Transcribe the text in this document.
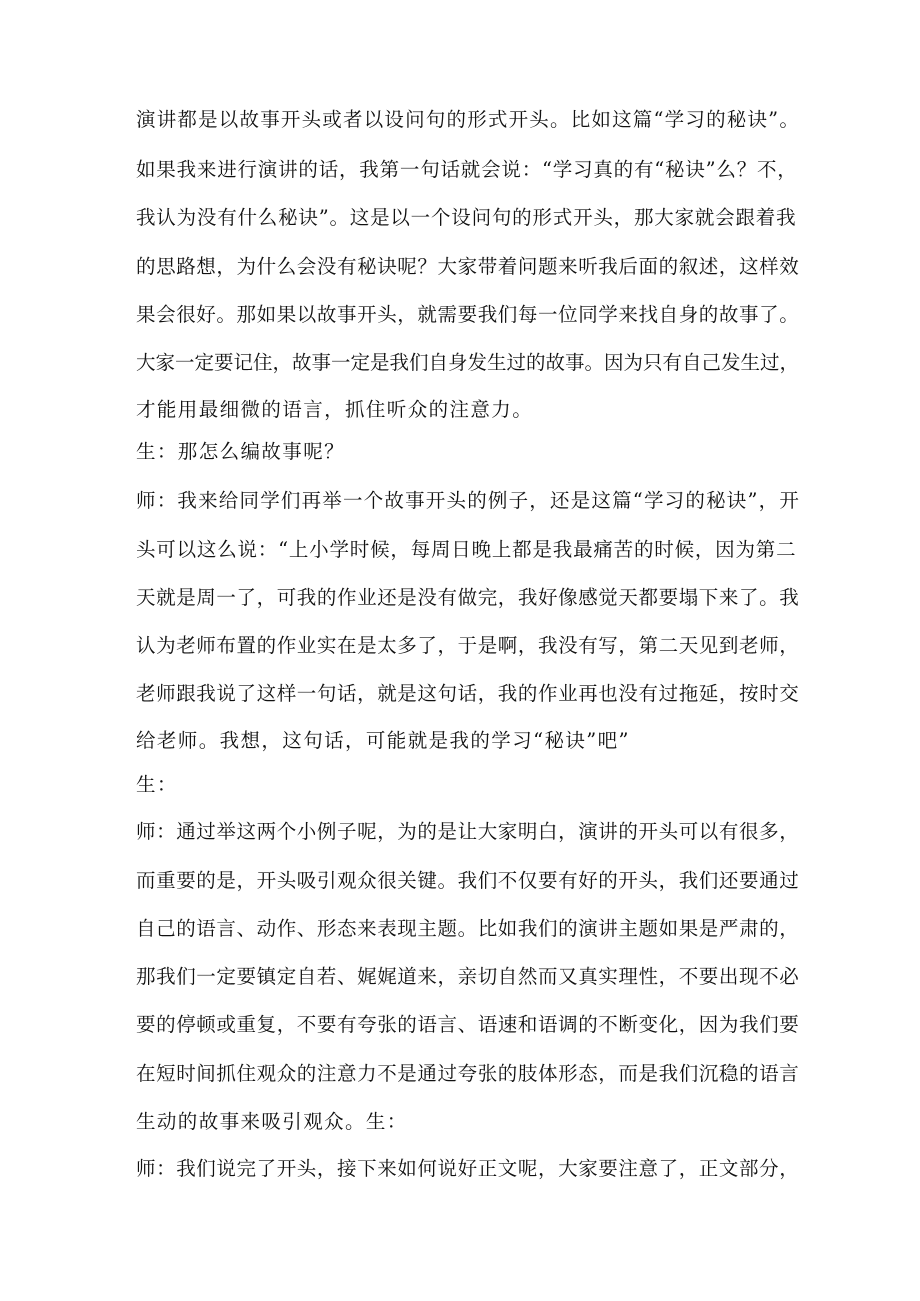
演讲都是以故事开头或者以设问句的形式开头。比如这篇“学习的秘诀”。
如果我来进行演讲的话，我第一句话就会说：“学习真的有“秘诀”么？不，
我认为没有什么秘诀”。这是以一个设问句的形式开头，那大家就会跟着我
的思路想，为什么会没有秘诀呢？大家带着问题来听我后面的叙述，这样效
果会很好。那如果以故事开头，就需要我们每一位同学来找自身的故事了。
大家一定要记住，故事一定是我们自身发生过的故事。因为只有自己发生过，
才能用最细微的语言，抓住听众的注意力。
生：那怎么编故事呢？
师：我来给同学们再举一个故事开头的例子，还是这篇“学习的秘诀”，开
头可以这么说：“上小学时候，每周日晚上都是我最痛苦的时候，因为第二
天就是周一了，可我的作业还是没有做完，我好像感觉天都要塌下来了。我
认为老师布置的作业实在是太多了，于是啊，我没有写，第二天见到老师，
老师跟我说了这样一句话，就是这句话，我的作业再也没有过拖延，按时交
给老师。我想，这句话，可能就是我的学习“秘诀”吧”
生：
师：通过举这两个小例子呢，为的是让大家明白，演讲的开头可以有很多，
而重要的是，开头吸引观众很关键。我们不仅要有好的开头，我们还要通过
自己的语言、动作、形态来表现主题。比如我们的演讲主题如果是严肃的，
那我们一定要镇定自若、娓娓道来，亲切自然而又真实理性，不要出现不必
要的停顿或重复，不要有夸张的语言、语速和语调的不断变化，因为我们要
在短时间抓住观众的注意力不是通过夸张的肢体形态，而是我们沉稳的语言
生动的故事来吸引观众。生：
师：我们说完了开头，接下来如何说好正文呢，大家要注意了，正文部分，
